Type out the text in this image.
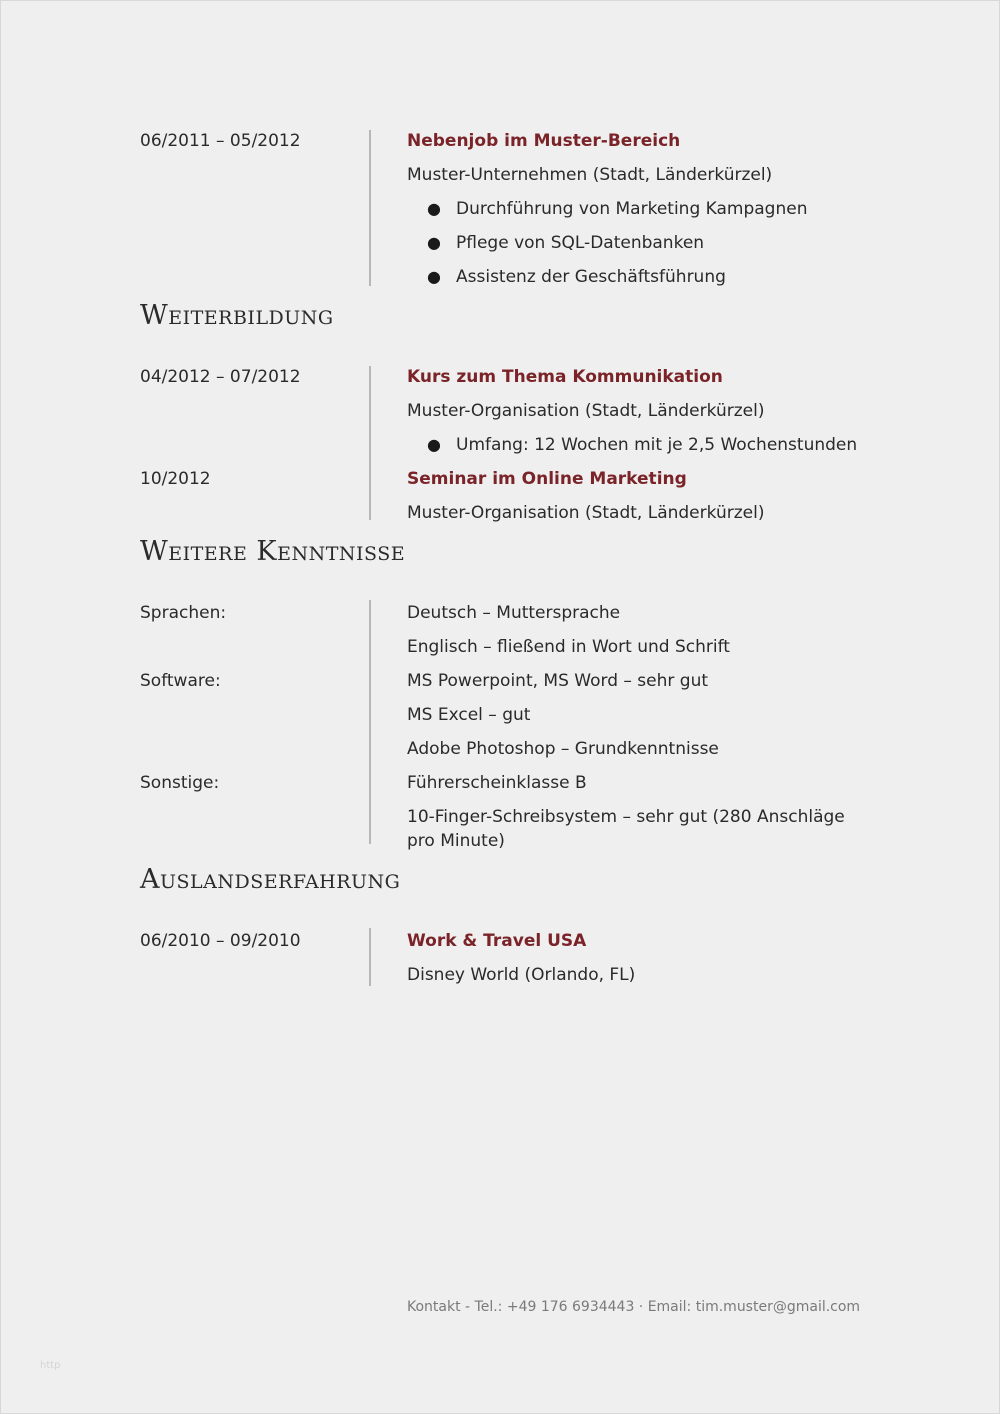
06/2011 – 05/2012	Nebenjob im Muster-Bereich
Muster-Unternehmen (Stadt, Länderkürzel)
● Durchführung von Marketing Kampagnen
● Pflege von SQL-Datenbanken
● Assistenz der Geschäftsführung
Weiterbildung
04/2012 – 07/2012	Kurs zum Thema Kommunikation
Muster-Organisation (Stadt, Länderkürzel)
● Umfang: 12 Wochen mit je 2,5 Wochenstunden
10/2012	Seminar im Online Marketing
Muster-Organisation (Stadt, Länderkürzel)
Weitere Kenntnisse
Sprachen:	Deutsch – Muttersprache
Englisch – fließend in Wort und Schrift
Software:	MS Powerpoint, MS Word – sehr gut
MS Excel – gut
Adobe Photoshop – Grundkenntnisse
Sonstige:	Führerscheinklasse B
10-Finger-Schreibsystem – sehr gut (280 Anschläge pro Minute)
Auslandserfahrung
06/2010 – 09/2010	Work & Travel USA
Disney World (Orlando, FL)
Kontakt - Tel.: +49 176 6934443 · Email: tim.muster@gmail.com
http
